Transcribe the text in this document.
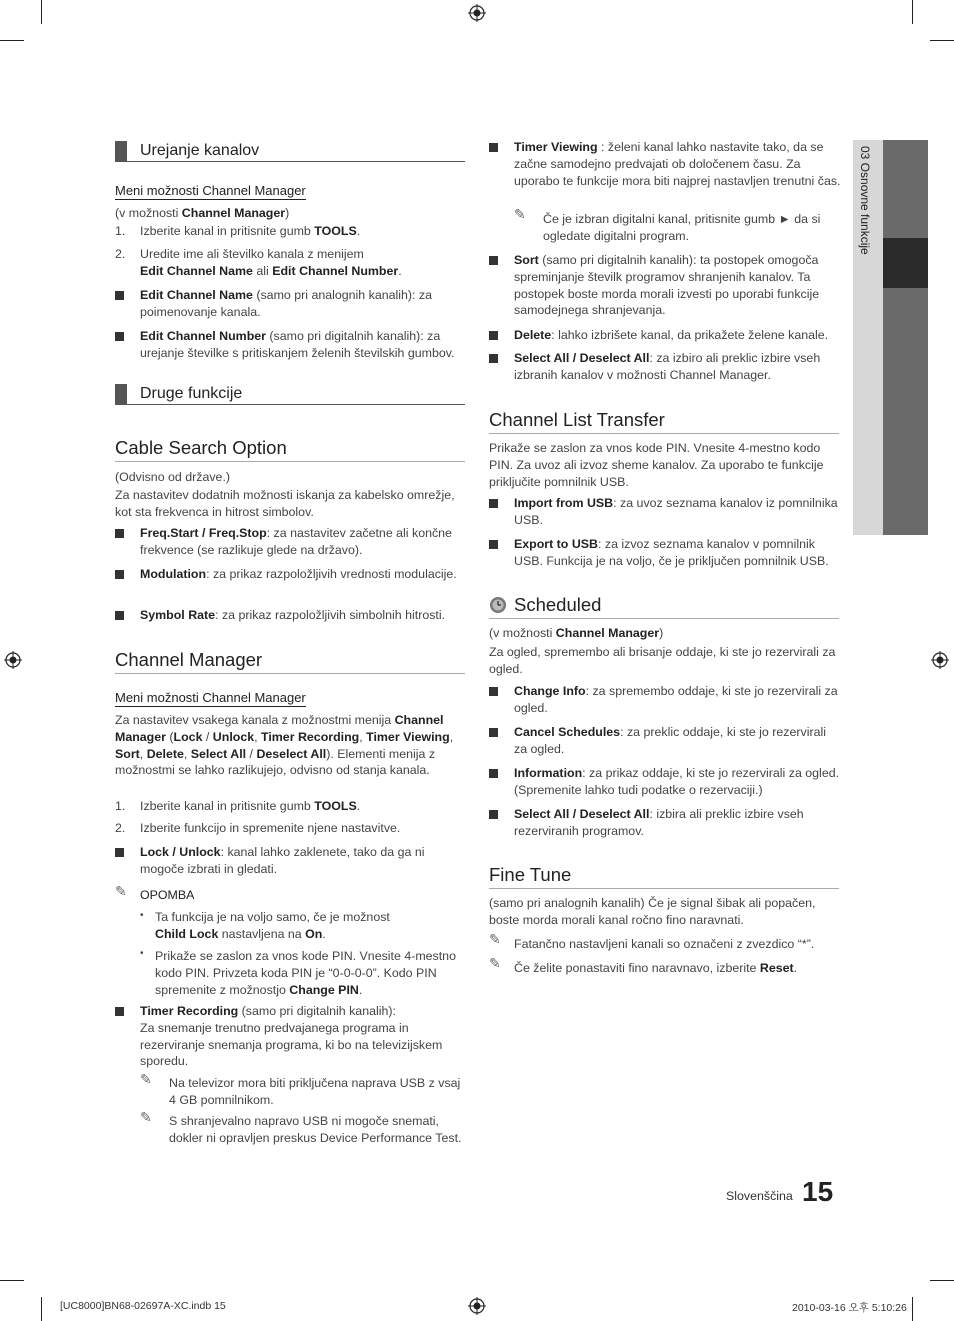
03 Osnovne funkcije
Urejanje kanalov
Meni možnosti Channel Manager
(v možnosti Channel Manager)
1. Izberite kanal in pritisnite gumb TOOLS.
2. Uredite ime ali številko kanala z menijem
Edit Channel Name ali Edit Channel Number.
Edit Channel Name (samo pri analognih kanalih): za poimenovanje kanala.
Edit Channel Number (samo pri digitalnih kanalih): za urejanje številke s pritiskanjem želenih številskih gumbov.
Druge funkcije
Cable Search Option
(Odvisno od države.)
Za nastavitev dodatnih možnosti iskanja za kabelsko omrežje, kot sta frekvenca in hitrost simbolov.
Freq.Start / Freq.Stop: za nastavitev začetne ali končne frekvence (se razlikuje glede na državo).
Modulation: za prikaz razpoložljivih vrednosti modulacije.
Symbol Rate: za prikaz razpoložljivih simbolnih hitrosti.
Channel Manager
Meni možnosti Channel Manager
Za nastavitev vsakega kanala z možnostmi menija Channel Manager (Lock / Unlock, Timer Recording, Timer Viewing, Sort, Delete, Select All / Deselect All). Elementi menija z možnostmi se lahko razlikujejo, odvisno od stanja kanala.
1. Izberite kanal in pritisnite gumb TOOLS.
2. Izberite funkcijo in spremenite njene nastavitve.
Lock / Unlock: kanal lahko zaklenete, tako da ga ni mogoče izbrati in gledati.
✎ OPOMBA
• Ta funkcija je na voljo samo, če je možnost
Child Lock nastavljena na On.
• Prikaže se zaslon za vnos kode PIN. Vnesite 4-mestno kodo PIN. Privzeta koda PIN je “0-0-0-0”. Kodo PIN spremenite z možnostjo Change PIN.
Timer Recording (samo pri digitalnih kanalih):
Za snemanje trenutno predvajanega programa in rezerviranje snemanja programa, ki bo na televizijskem sporedu.
✎ Na televizor mora biti priključena naprava USB z vsaj 4 GB pomnilnikom.
✎ S shranjevalno napravo USB ni mogoče snemati, dokler ni opravljen preskus Device Performance Test.
Timer Viewing : želeni kanal lahko nastavite tako, da se začne samodejno predvajati ob določenem času. Za uporabo te funkcije mora biti najprej nastavljen trenutni čas.
✎ Če je izbran digitalni kanal, pritisnite gumb ► da si ogledate digitalni program.
Sort (samo pri digitalnih kanalih): ta postopek omogoča spreminjanje številk programov shranjenih kanalov. Ta postopek boste morda morali izvesti po uporabi funkcije samodejnega shranjevanja.
Delete: lahko izbrišete kanal, da prikažete želene kanale.
Select All / Deselect All: za izbiro ali preklic izbire vseh izbranih kanalov v možnosti Channel Manager.
Channel List Transfer
Prikaže se zaslon za vnos kode PIN. Vnesite 4-mestno kodo PIN. Za uvoz ali izvoz sheme kanalov. Za uporabo te funkcije priključite pomnilnik USB.
Import from USB: za uvoz seznama kanalov iz pomnilnika USB.
Export to USB: za izvoz seznama kanalov v pomnilnik USB. Funkcija je na voljo, če je priključen pomnilnik USB.
Scheduled
(v možnosti Channel Manager)
Za ogled, spremembo ali brisanje oddaje, ki ste jo rezervirali za ogled.
Change Info: za spremembo oddaje, ki ste jo rezervirali za ogled.
Cancel Schedules: za preklic oddaje, ki ste jo rezervirali za ogled.
Information: za prikaz oddaje, ki ste jo rezervirali za ogled. (Spremenite lahko tudi podatke o rezervaciji.)
Select All / Deselect All: izbira ali preklic izbire vseh rezerviranih programov.
Fine Tune
(samo pri analognih kanalih) Če je signal šibak ali popačen, boste morda morali kanal ročno fino naravnati.
✎ Fatančno nastavljeni kanali so označeni z zvezdico “*”.
✎ Če želite ponastaviti fino naravnavo, izberite Reset.
Slovenščina 15
[UC8000]BN68-02697A-XC.indb 15	2010-03-16 오후 5:10:26
